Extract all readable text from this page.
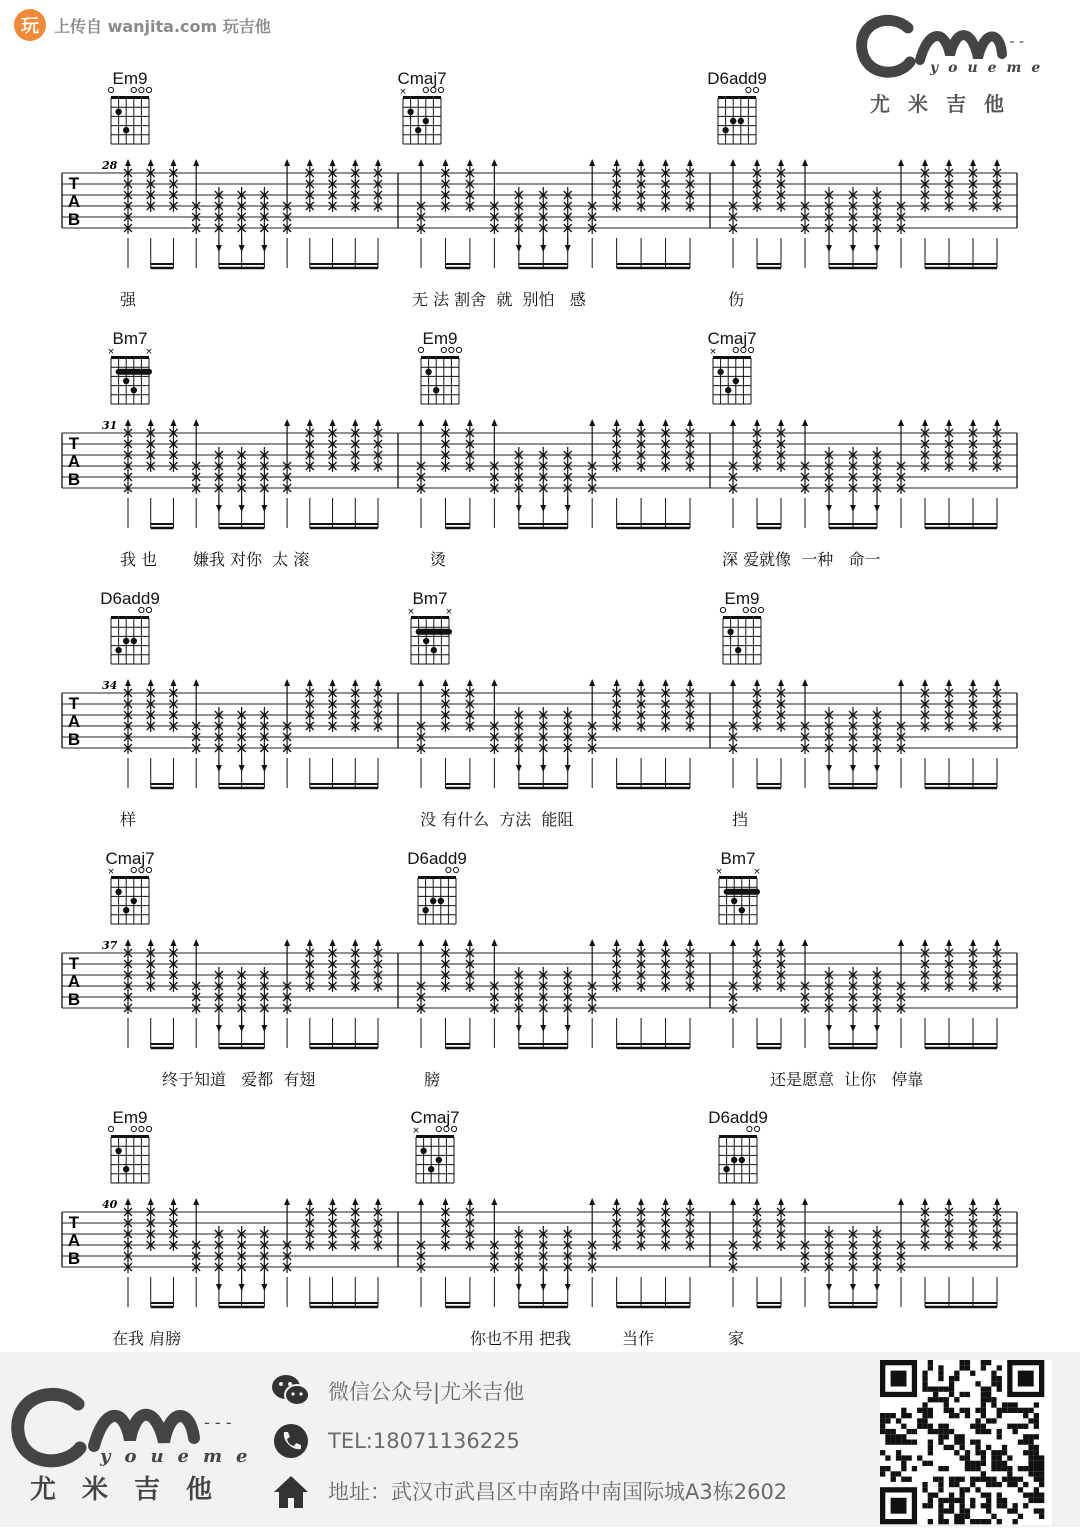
玩 上传自 wanjita.com 玩吉他
- - -
youeme
尤米吉他
Em9	Cmaj7
×
D6add9
28
T
A
B
强	无 法 割舍  就  别怕   感	伤
Bm7
×	×
Em9	Cmaj7
×
31
T
A
B
我 也 嫌我 对你  太 滚	烫	深 爱就像  一种   命一
D6add9	Bm7
×	×
Em9
34
T
A
B
样	没 有什么  方法  能阻	挡
Cmaj7
×
D6add9	Bm7
×	×
37
T
A
B
终于知道   爱都  有翅	膀	还是愿意  让你   停靠
Em9	Cmaj7
×
D6add9
40
T
A
B
在我 肩膀	你也不用 把我	当作	家
- - -
youeme
尤米吉他
微信公众号|尤米吉他
TEL:18071136225
地址：武汉市武昌区中南路中南国际城A3栋2602
